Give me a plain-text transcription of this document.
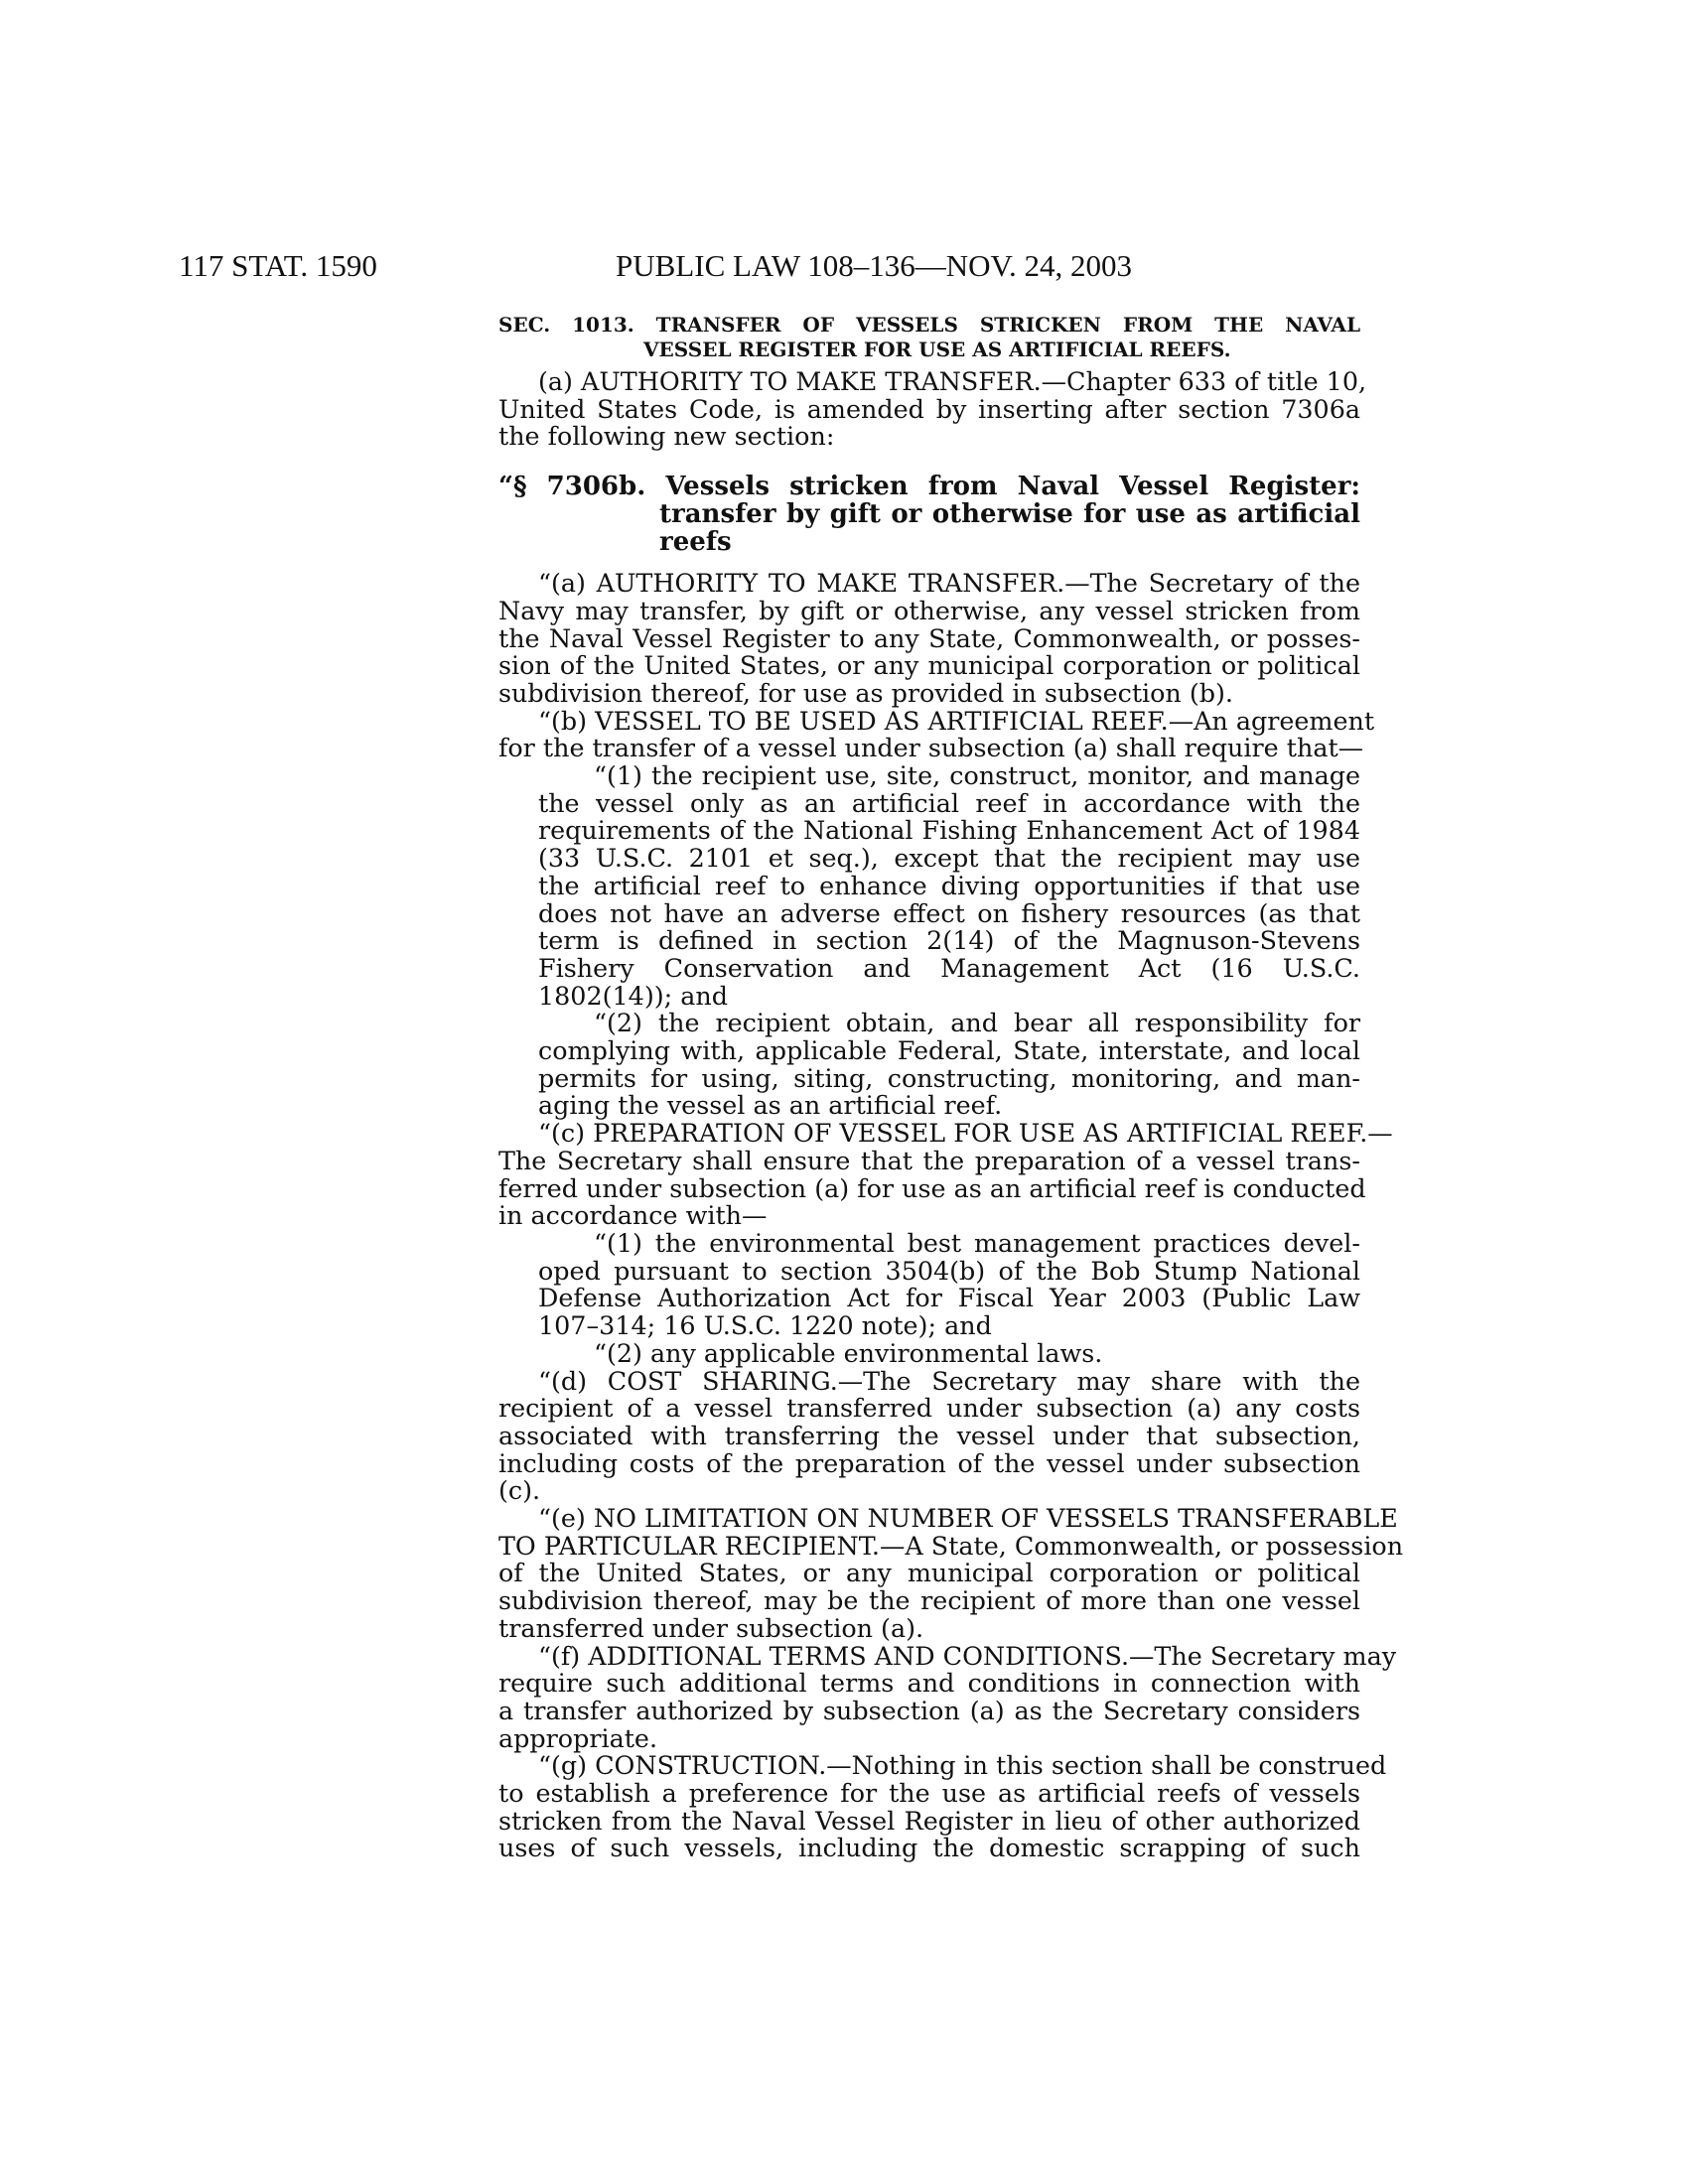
117 STAT. 1590	PUBLIC LAW 108–136—NOV. 24, 2003
SEC. 1013. TRANSFER OF VESSELS STRICKEN FROM THE NAVAL
VESSEL REGISTER FOR USE AS ARTIFICIAL REEFS.
(a) AUTHORITY TO MAKE TRANSFER.—Chapter 633 of title 10,
United States Code, is amended by inserting after section 7306a
the following new section:
“§ 7306b. Vessels stricken from Naval Vessel Register:
transfer by gift or otherwise for use as artificial
reefs
“(a) AUTHORITY TO MAKE TRANSFER.—The Secretary of the
Navy may transfer, by gift or otherwise, any vessel stricken from
the Naval Vessel Register to any State, Commonwealth, or posses-
sion of the United States, or any municipal corporation or political
subdivision thereof, for use as provided in subsection (b).
“(b) VESSEL TO BE USED AS ARTIFICIAL REEF.—An agreement
for the transfer of a vessel under subsection (a) shall require that—
“(1) the recipient use, site, construct, monitor, and manage
the vessel only as an artificial reef in accordance with the
requirements of the National Fishing Enhancement Act of 1984
(33 U.S.C. 2101 et seq.), except that the recipient may use
the artificial reef to enhance diving opportunities if that use
does not have an adverse effect on fishery resources (as that
term is defined in section 2(14) of the Magnuson-Stevens
Fishery Conservation and Management Act (16 U.S.C.
1802(14)); and
“(2) the recipient obtain, and bear all responsibility for
complying with, applicable Federal, State, interstate, and local
permits for using, siting, constructing, monitoring, and man-
aging the vessel as an artificial reef.
“(c) PREPARATION OF VESSEL FOR USE AS ARTIFICIAL REEF.—
The Secretary shall ensure that the preparation of a vessel trans-
ferred under subsection (a) for use as an artificial reef is conducted
in accordance with—
“(1) the environmental best management practices devel-
oped pursuant to section 3504(b) of the Bob Stump National
Defense Authorization Act for Fiscal Year 2003 (Public Law
107–314; 16 U.S.C. 1220 note); and
“(2) any applicable environmental laws.
“(d) COST SHARING.—The Secretary may share with the
recipient of a vessel transferred under subsection (a) any costs
associated with transferring the vessel under that subsection,
including costs of the preparation of the vessel under subsection
(c).
“(e) NO LIMITATION ON NUMBER OF VESSELS TRANSFERABLE
TO PARTICULAR RECIPIENT.—A State, Commonwealth, or possession
of the United States, or any municipal corporation or political
subdivision thereof, may be the recipient of more than one vessel
transferred under subsection (a).
“(f) ADDITIONAL TERMS AND CONDITIONS.—The Secretary may
require such additional terms and conditions in connection with
a transfer authorized by subsection (a) as the Secretary considers
appropriate.
“(g) CONSTRUCTION.—Nothing in this section shall be construed
to establish a preference for the use as artificial reefs of vessels
stricken from the Naval Vessel Register in lieu of other authorized
uses of such vessels, including the domestic scrapping of such
